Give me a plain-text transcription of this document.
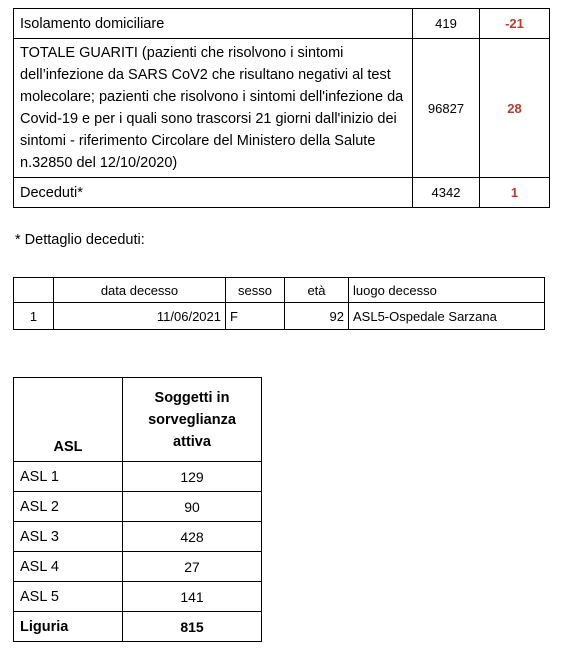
Isolamento domiciliare	419	-21
TOTALE GUARITI (pazienti che risolvono i sintomi dell’infezione da SARS CoV2 che risultano negativi al test molecolare; pazienti che risolvono i sintomi dell'infezione da Covid-19 e per i quali sono trascorsi 21 giorni dall'inizio dei sintomi - riferimento Circolare del Ministero della Salute n.32850 del 12/10/2020)	96827	28
Deceduti*	4342	1
* Dettaglio deceduti:
	data decesso	sesso	età	luogo decesso
1	11/06/2021	F	92	ASL5-Ospedale Sarzana
ASL	Soggetti in sorveglianza attiva
ASL 1	129
ASL 2	90
ASL 3	428
ASL 4	27
ASL 5	141
Liguria	815
